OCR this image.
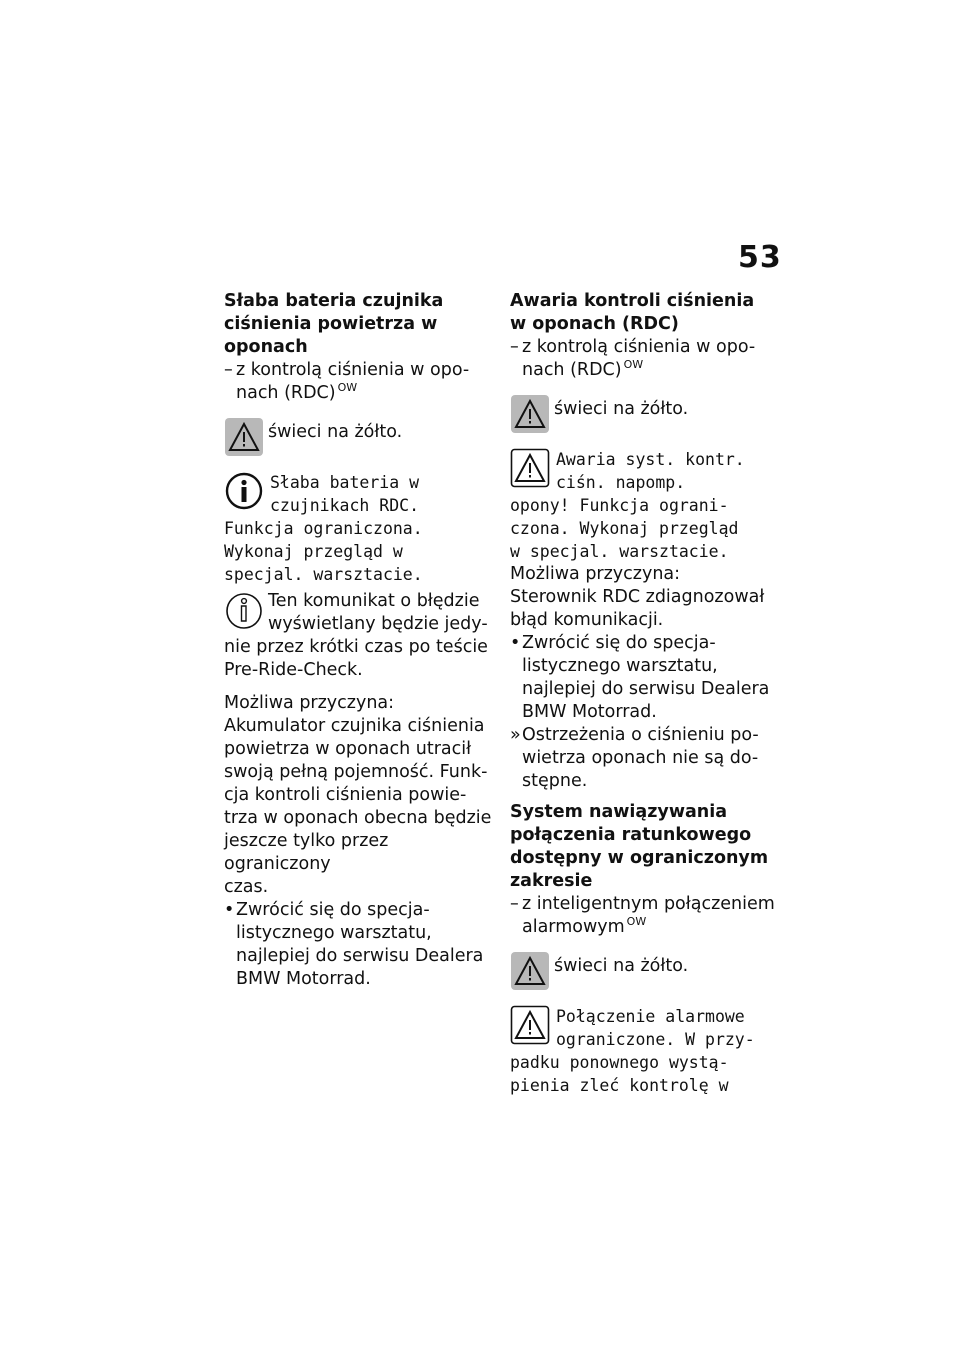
53
Słaba bateria czujnika
ciśnienia powietrza w
oponach
– z kontrolą ciśnienia w opo-
nach (RDC) $^{OW}$
świeci na żółto.
Słaba bateria w
czujnikach RDC.
Funkcja ograniczona.
Wykonaj przegląd w
specjal. warsztacie.
Ten komunikat o błędzie
wyświetlany będzie jedy-
nie przez krótki czas po teście
Pre-Ride-Check.
Możliwa przyczyna:
Akumulator czujnika ciśnienia
powietrza w oponach utracił
swoją pełną pojemność. Funk-
cja kontroli ciśnienia powie-
trza w oponach obecna będzie
jeszcze tylko przez ograniczony
czas.
• Zwrócić się do specja-
listycznego warsztatu,
najlepiej do serwisu Dealera
BMW Motorrad.
Awaria kontroli ciśnienia
w oponach (RDC)
– z kontrolą ciśnienia w opo-
nach (RDC) $^{OW}$
świeci na żółto.
Awaria syst. kontr.
ciśn. napomp.
opony! Funkcja ograni-
czona. Wykonaj przegląd
w specjal. warsztacie.
Możliwa przyczyna:
Sterownik RDC zdiagnozował
błąd komunikacji.
• Zwrócić się do specja-
listycznego warsztatu,
najlepiej do serwisu Dealera
BMW Motorrad.
» Ostrzeżenia o ciśnieniu po-
wietrza oponach nie są do-
stępne.
System nawiązywania
połączenia ratunkowego
dostępny w ograniczonym
zakresie
– z inteligentnym połączeniem
alarmowym $^{OW}$
świeci na żółto.
Połączenie alarmowe
ograniczone. W przy-
padku ponownego wystą-
pienia zleć kontrolę w
